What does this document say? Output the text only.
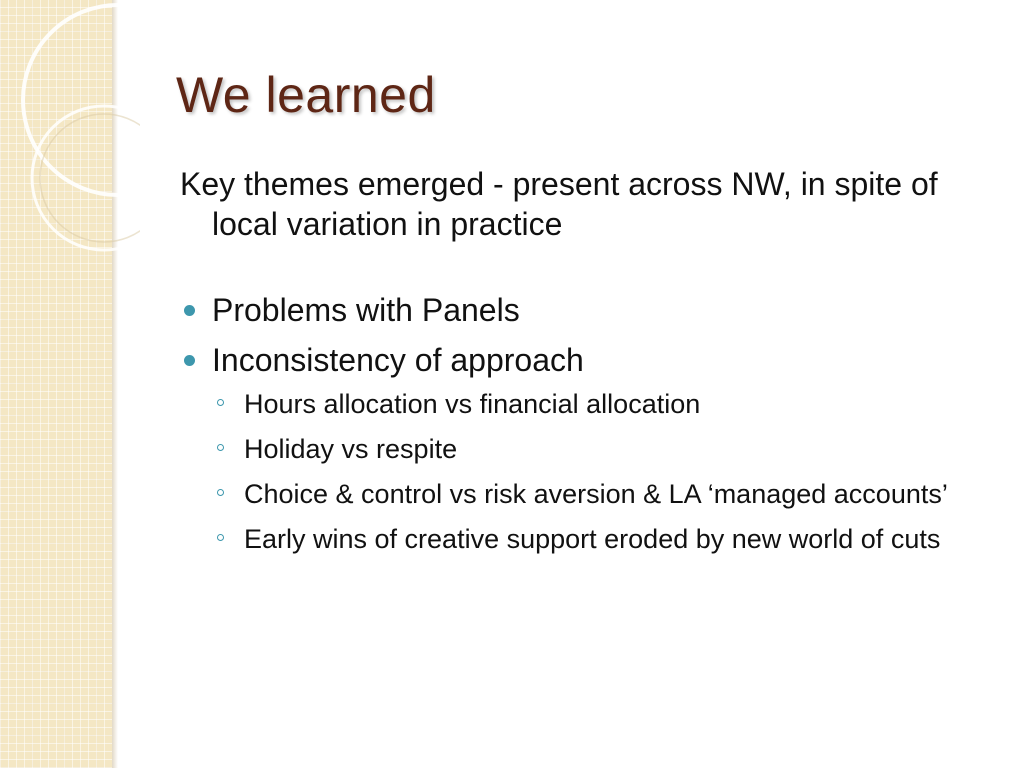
We learned

Key themes emerged - present across NW, in spite of local variation in practice

Problems with Panels
Inconsistency of approach
Hours allocation vs financial allocation
Holiday vs respite
Choice & control vs risk aversion & LA ‘managed accounts’
Early wins of creative support eroded by new world of cuts
